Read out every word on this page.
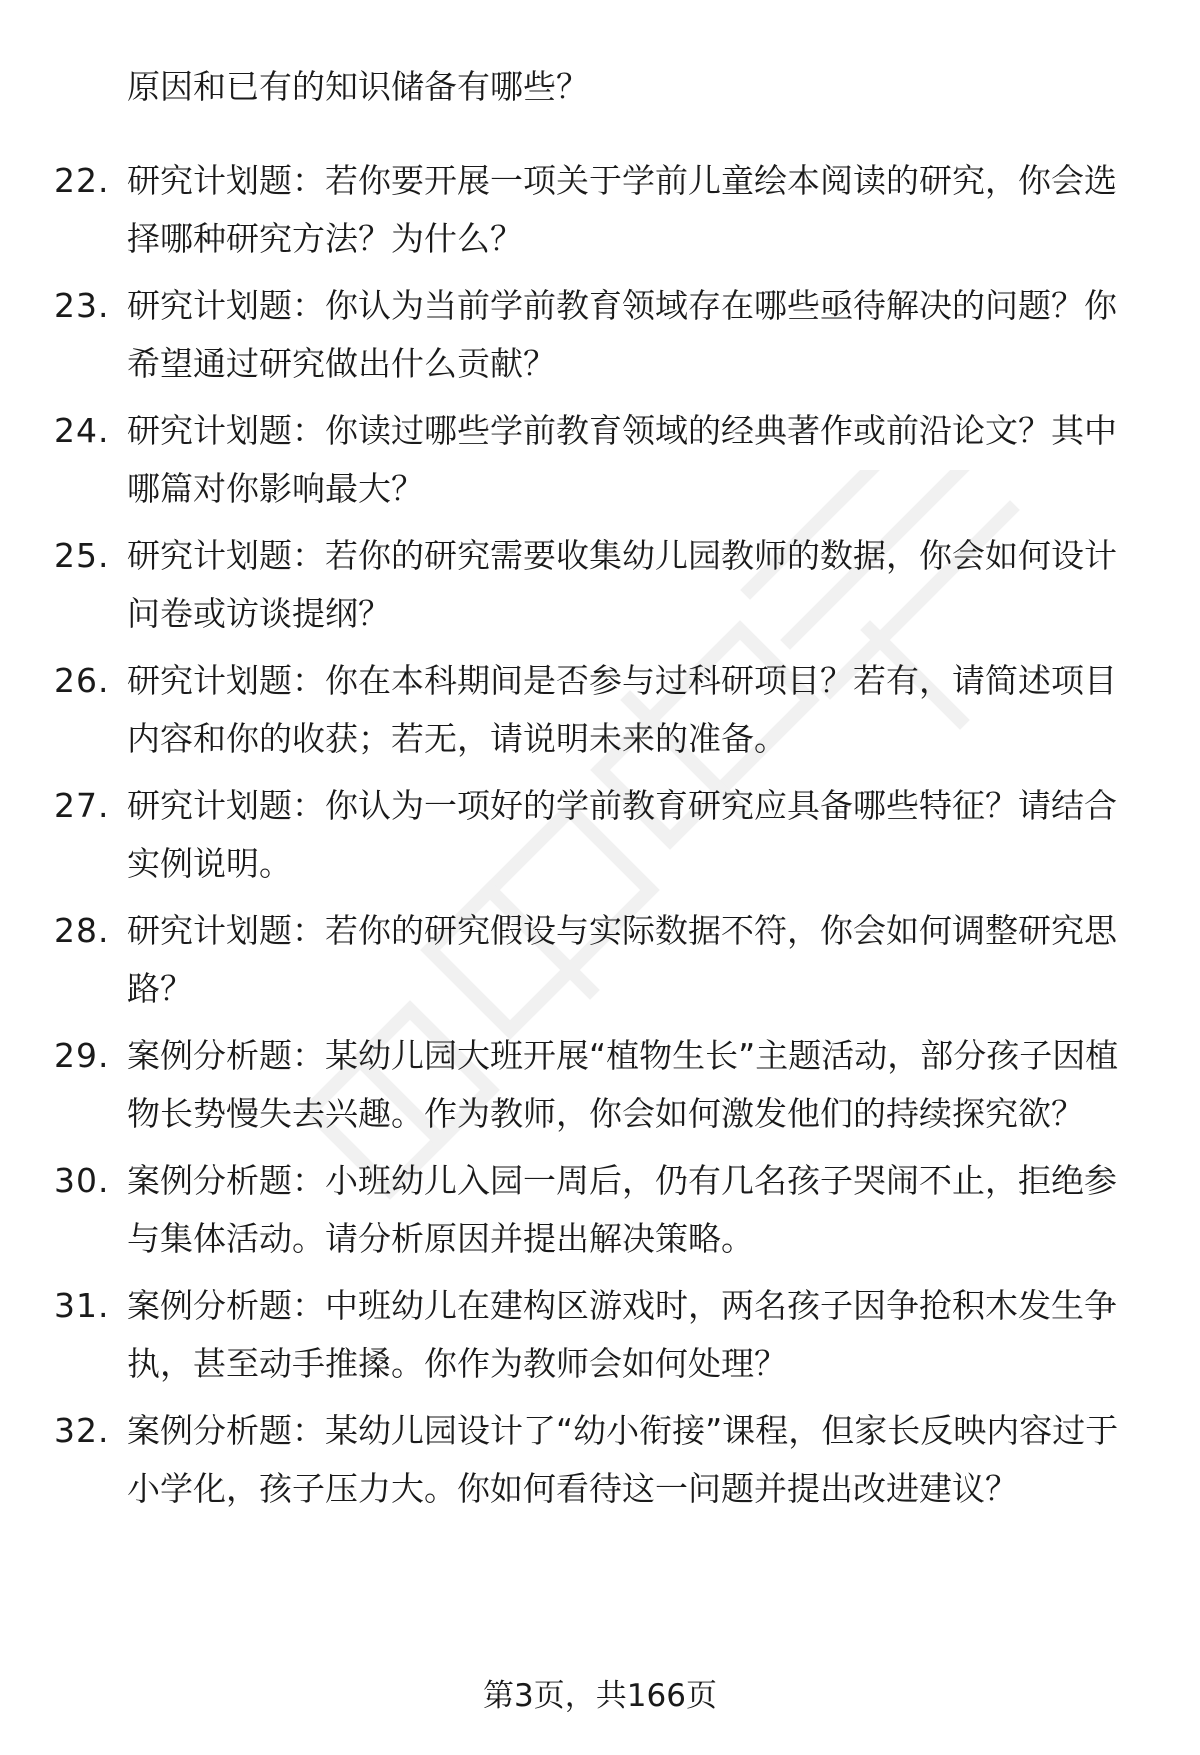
原因和已有的知识储备有哪些？

22. 研究计划题：若你要开展一项关于学前儿童绘本阅读的研究，你会选择哪种研究方法？为什么？
23. 研究计划题：你认为当前学前教育领域存在哪些亟待解决的问题？你希望通过研究做出什么贡献？
24. 研究计划题：你读过哪些学前教育领域的经典著作或前沿论文？其中哪篇对你影响最大？
25. 研究计划题：若你的研究需要收集幼儿园教师的数据，你会如何设计问卷或访谈提纲？
26. 研究计划题：你在本科期间是否参与过科研项目？若有，请简述项目内容和你的收获；若无，请说明未来的准备。
27. 研究计划题：你认为一项好的学前教育研究应具备哪些特征？请结合实例说明。
28. 研究计划题：若你的研究假设与实际数据不符，你会如何调整研究思路？
29. 案例分析题：某幼儿园大班开展“植物生长”主题活动，部分孩子因植物长势慢失去兴趣。作为教师，你会如何激发他们的持续探究欲？
30. 案例分析题：小班幼儿入园一周后，仍有几名孩子哭闹不止，拒绝参与集体活动。请分析原因并提出解决策略。
31. 案例分析题：中班幼儿在建构区游戏时，两名孩子因争抢积木发生争执，甚至动手推搡。你作为教师会如何处理？
32. 案例分析题：某幼儿园设计了“幼小衔接”课程，但家长反映内容过于小学化，孩子压力大。你如何看待这一问题并提出改进建议？
第3页，共166页
